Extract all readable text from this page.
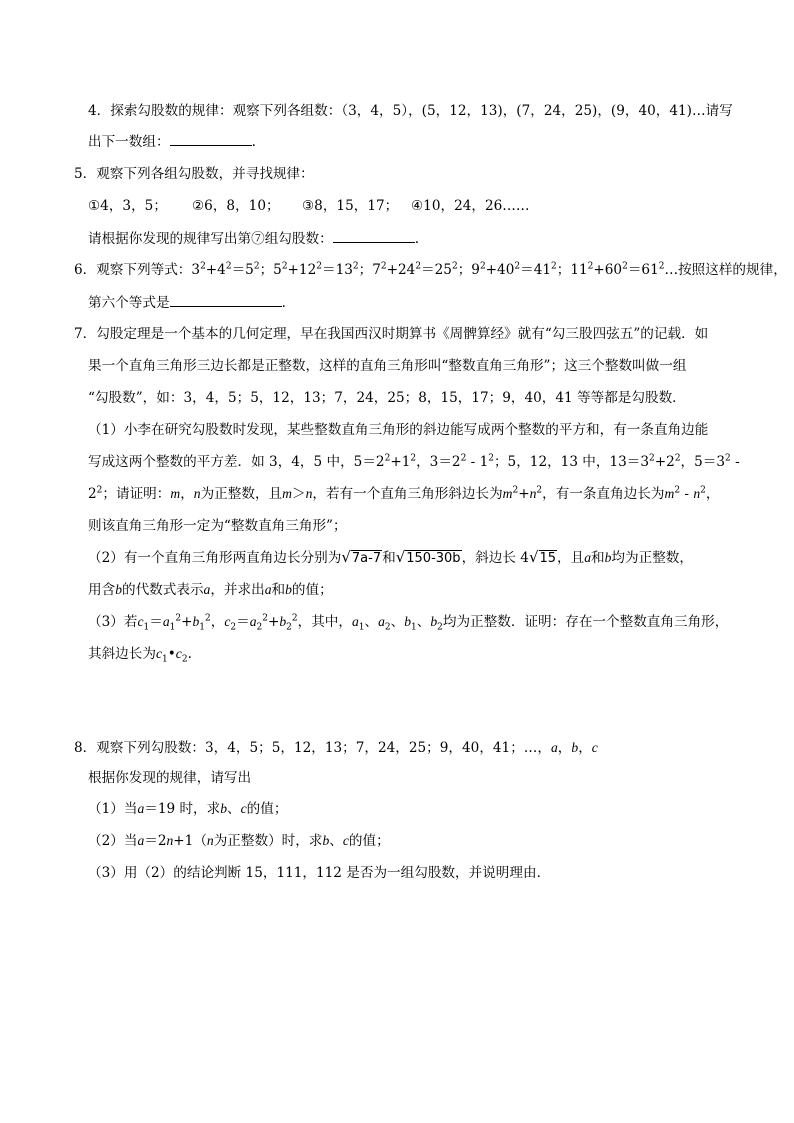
4．探索勾股数的规律：观察下列各组数：（3，4，5），(5，12，13)，(7，24，25)，(9，40，41)…请写
出下一数组：	.
5．观察下列各组勾股数，并寻找规律：
①4，3，5； ②6，8，10； ③8，15，17； ④10，24，26……
请根据你发现的规律写出第⑦组勾股数：	.
6．观察下列等式：$3^2+4^2=5^2$；$5^2+12^2=13^2$；$7^2+24^2=25^2$；$9^2+40^2=41^2$；$11^2+60^2=61^2\dots$按照这样的规律，
第六个等式是	.
7．勾股定理是一个基本的几何定理，早在我国西汉时期算书《周髀算经》就有“勾三股四弦五”的记载．如
果一个直角三角形三边长都是正整数，这样的直角三角形叫“整数直角三角形”；这三个整数叫做一组
“勾股数”，如：3，4，5；5，12，13；7，24，25；8，15，17；9，40，41 等等都是勾股数．
（1）小李在研究勾股数时发现，某些整数直角三角形的斜边能写成两个整数的平方和，有一条直角边能
写成这两个整数的平方差．如 3，4，5 中，$5=2^2+1^2$，$3=2^2 - 1^2$；5，12，13 中，$13=3^2+2^2$，$5=3^2$ -
$2^2$；请证明：m，n为正整数，且m＞n，若有一个直角三角形斜边长为$m^2+n^2$，有一条直角边长为$m^2 - n^2$，
则该直角三角形一定为“整数直角三角形”；
（2）有一个直角三角形两直角边长分别为√7a-7和√150-30b，斜边长 4√15，且a和b均为正整数，
用含b的代数式表示a，并求出a和b的值；
（3）若$c_1=a_1^2+b_1^2$，$c_2=a_2^2+b_2^2$，其中，$a_1$、$a_2$、$b_1$、$b_2$均为正整数．证明：存在一个整数直角三角形，
其斜边长为$c_1•c_2$.
8．观察下列勾股数：3，4，5；5，12，13；7，24，25；9，40，41；…，a，b，c
根据你发现的规律，请写出
（1）当a＝19 时，求b、c的值；
（2）当a＝2n+1（n为正整数）时，求b、c的值；
（3）用（2）的结论判断 15，111，112 是否为一组勾股数，并说明理由．
